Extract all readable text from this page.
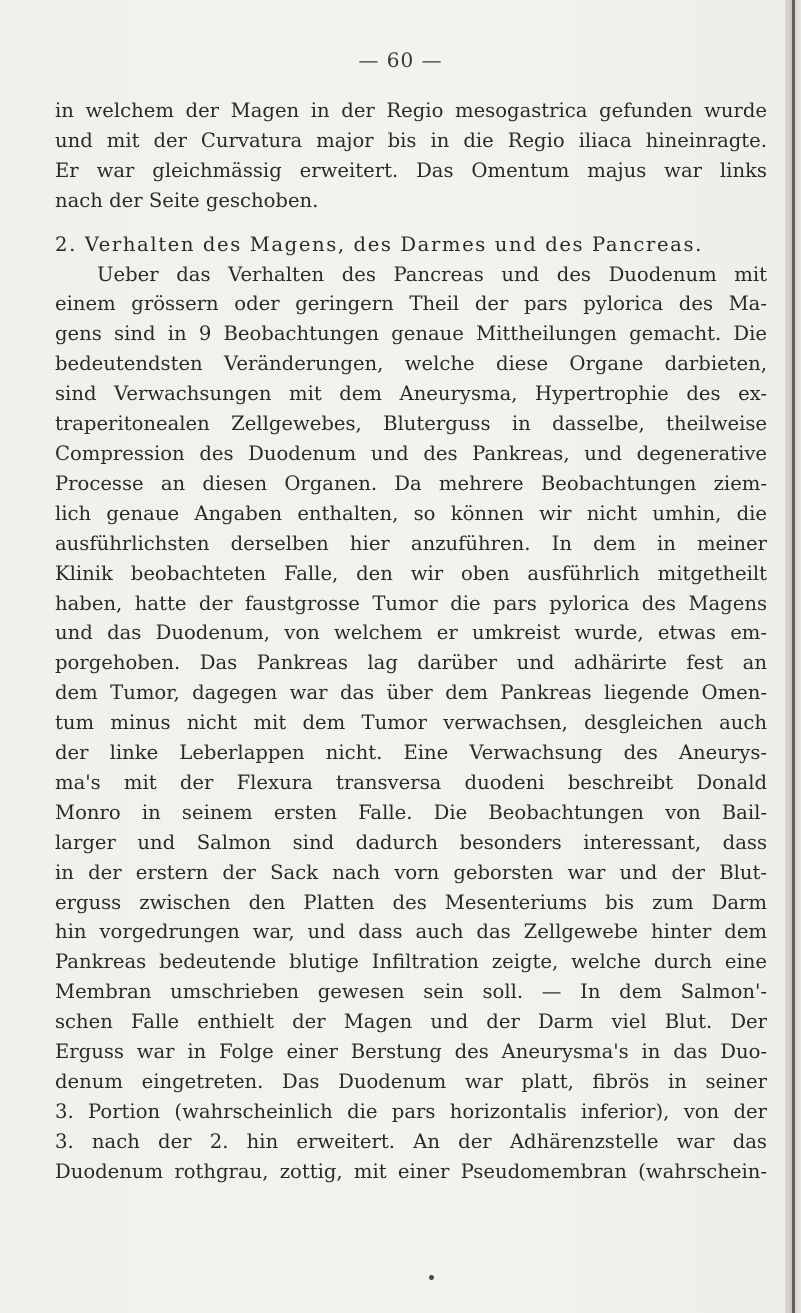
— 60 —
in welchem der Magen in der Regio mesogastrica gefunden wurde
und mit der Curvatura major bis in die Regio iliaca hineinragte.
Er war gleichmässig erweitert. Das Omentum majus war links
nach der Seite geschoben.
2. Verhalten des Magens, des Darmes und des Pancreas.
Ueber das Verhalten des Pancreas und des Duodenum mit
einem grössern oder geringern Theil der pars pylorica des Ma-
gens sind in 9 Beobachtungen genaue Mittheilungen gemacht. Die
bedeutendsten Veränderungen, welche diese Organe darbieten,
sind Verwachsungen mit dem Aneurysma, Hypertrophie des ex-
traperitonealen Zellgewebes, Bluterguss in dasselbe, theilweise
Compression des Duodenum und des Pankreas, und degenerative
Processe an diesen Organen. Da mehrere Beobachtungen ziem-
lich genaue Angaben enthalten, so können wir nicht umhin, die
ausführlichsten derselben hier anzuführen. In dem in meiner
Klinik beobachteten Falle, den wir oben ausführlich mitgetheilt
haben, hatte der faustgrosse Tumor die pars pylorica des Magens
und das Duodenum, von welchem er umkreist wurde, etwas em-
porgehoben. Das Pankreas lag darüber und adhärirte fest an
dem Tumor, dagegen war das über dem Pankreas liegende Omen-
tum minus nicht mit dem Tumor verwachsen, desgleichen auch
der linke Leberlappen nicht. Eine Verwachsung des Aneurys-
ma's mit der Flexura transversa duodeni beschreibt Donald
Monro in seinem ersten Falle. Die Beobachtungen von Bail-
larger und Salmon sind dadurch besonders interessant, dass
in der erstern der Sack nach vorn geborsten war und der Blut-
erguss zwischen den Platten des Mesenteriums bis zum Darm
hin vorgedrungen war, und dass auch das Zellgewebe hinter dem
Pankreas bedeutende blutige Infiltration zeigte, welche durch eine
Membran umschrieben gewesen sein soll. — In dem Salmon'-
schen Falle enthielt der Magen und der Darm viel Blut. Der
Erguss war in Folge einer Berstung des Aneurysma's in das Duo-
denum eingetreten. Das Duodenum war platt, fibrös in seiner
3. Portion (wahrscheinlich die pars horizontalis inferior), von der
3. nach der 2. hin erweitert. An der Adhärenzstelle war das
Duodenum rothgrau, zottig, mit einer Pseudomembran (wahrschein-
